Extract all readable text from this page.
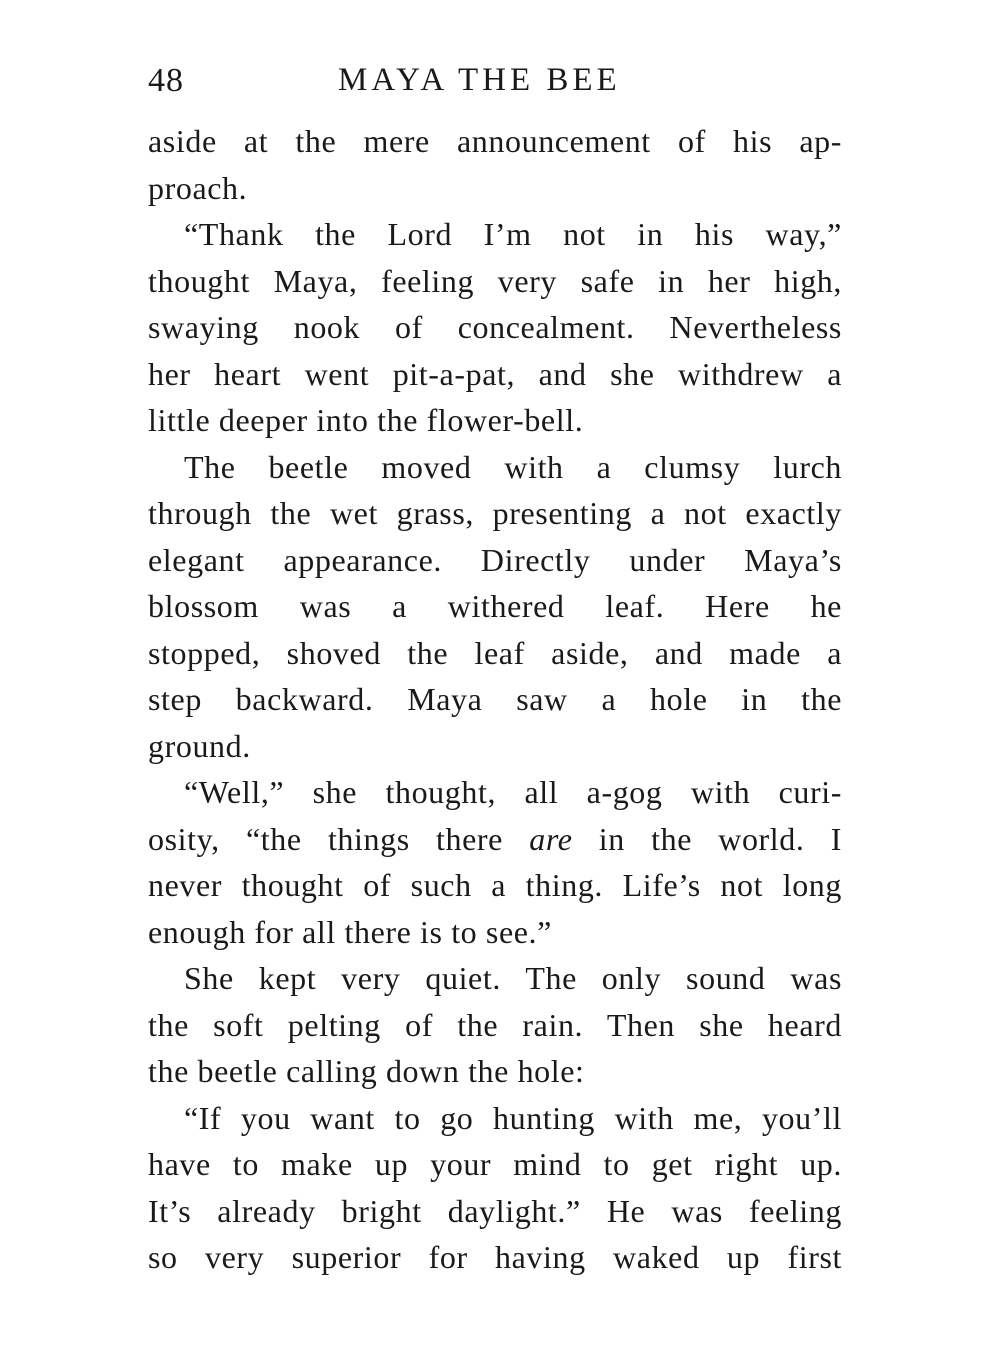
48	MAYA THE BEE
aside at the mere announcement of his ap-
proach.
“Thank the Lord I’m not in his way,”
thought Maya, feeling very safe in her high,
swaying nook of concealment. Nevertheless
her heart went pit-a-pat, and she withdrew a
little deeper into the flower-bell.
The beetle moved with a clumsy lurch
through the wet grass, presenting a not exactly
elegant appearance. Directly under Maya’s
blossom was a withered leaf. Here he
stopped, shoved the leaf aside, and made a
step backward. Maya saw a hole in the
ground.
“Well,” she thought, all a-gog with curi-
osity, “the things there are in the world. I
never thought of such a thing. Life’s not long
enough for all there is to see.”
She kept very quiet. The only sound was
the soft pelting of the rain. Then she heard
the beetle calling down the hole:
“If you want to go hunting with me, you’ll
have to make up your mind to get right up.
It’s already bright daylight.” He was feeling
so very superior for having waked up first
